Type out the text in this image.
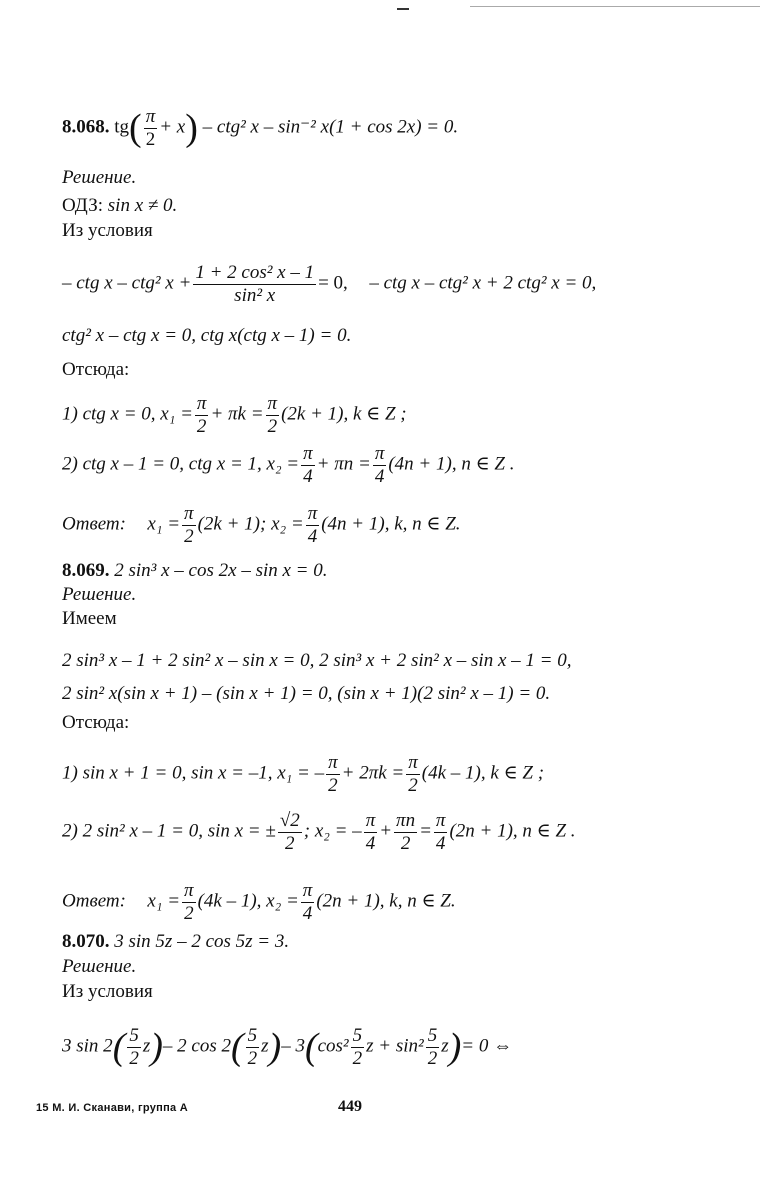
8.068. $tg( \frac{\pi}{2} + x) - ctg^2$ x – sin⁻² x(1 + cos 2x) = 0.
Решение.
ОДЗ: sin x ≠ 0.
Из условия
– ctg x – ctg² $x + \frac{\text{1 + 2 cos² x – 1}}{\text{sin² x}} = 0$, – ctg x – ctg² x + 2 ctg² x = 0,
ctg² x – ctg x = 0, ctg x(ctg x – 1) = 0.
Отсюда:
1) ctg x = 0, $x_1 = \frac{\pi}{2} + \pi k = \frac{\pi}{2} (2k + 1)$, k ∈ Z ;
2) ctg x – 1 = 0, ctg x = 1, $x_2 = \frac{\pi}{4} + \pi n = \frac{\pi}{4} (4n + 1)$, n ∈ Z .
Ответ: $x_1 = \frac{\pi}{2} (2k + 1)$; $x_2 = \frac{\pi}{4} (4n + 1)$, k, n ∈ Z.
8.069. 2 sin³ x – cos 2x – sin x = 0.
Решение.
Имеем
2 sin³ x – 1 + 2 sin² x – sin x = 0, 2 sin³ x + 2 sin² x – sin x – 1 = 0,
2 sin² x(sin x + 1) – (sin x + 1) = 0, (sin x + 1)(2 sin² x – 1) = 0.
Отсюда:
1) sin x + 1 = 0, sin x = –1, x₁ = – $\frac{\pi}{2} + 2\pi k = \frac{\pi}{2} (4k - 1)$, k ∈ Z ;
2) 2 sin² x – 1 = 0, sin x = ± $\frac{√2}{2}$ ; x₂ = – $\frac{\pi}{4} + \frac{\pi n}{2} = \frac{\pi}{4} (2n + 1)$, n ∈ Z .
Ответ: $x_1 = \frac{\pi}{2} (4k - 1)$, $x_2 = \frac{\pi}{4} (2n + 1)$, k, n ∈ Z.
8.070. 3 sin 5z – 2 cos 5z = 3.
Решение.
Из условия
3 $\sin 2( \frac{5}{2} z)-$ 2 $\cos 2( \frac{5}{2} z)-$ $3(\cos^2 \frac{5}{2}$ $z + \sin^2 \frac{5}{2} z)= 0$ ⇔
15 М. И. Сканави, группа А	449
